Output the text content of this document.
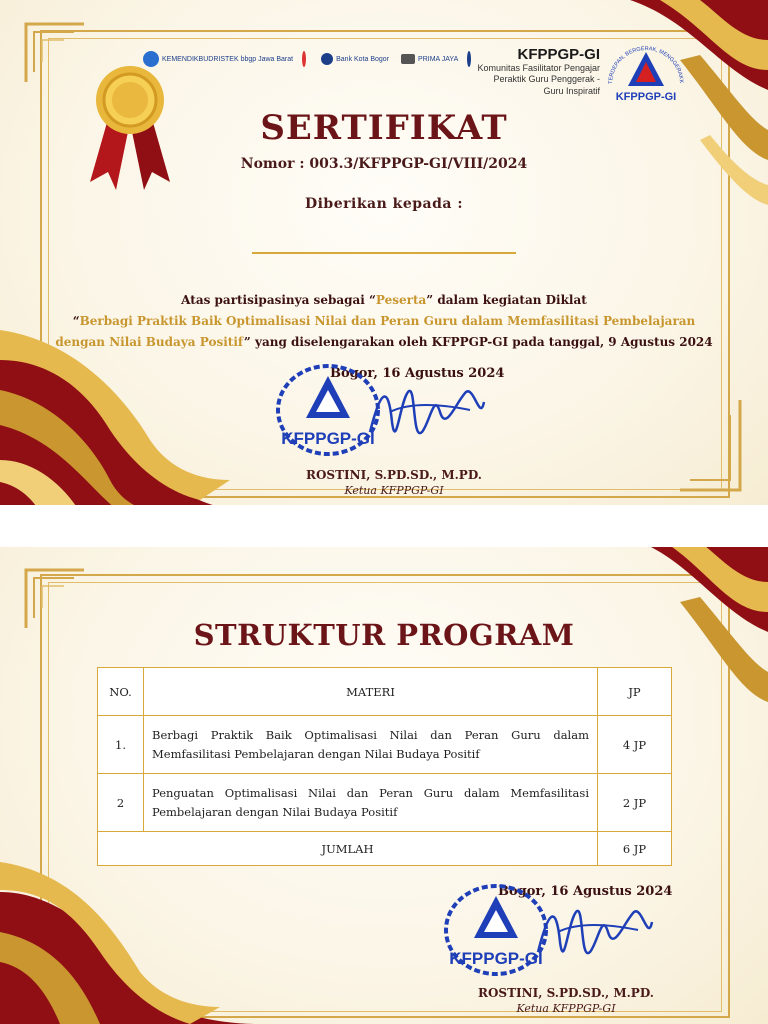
KEMENDIKBUDRISTEK bbgp Jawa Barat	Bank Kota Bogor	PRIMA JAYA	KFPPGP-GI
Komunitas Fasilitator Pengajar
Peraktik Guru Penggerak -
Guru Inspiratif
TERDEPAN, BERGERAK, MENGGERAKK
KFPPGP-GI
SERTIFIKAT
Nomor : 003.3/KFPPGP-GI/VIII/2024
Diberikan kepada :
Atas partisipasinya sebagai “Peserta” dalam kegiatan Diklat
“Berbagi Praktik Baik Optimalisasi Nilai dan Peran Guru dalam Memfasilitasi Pembelajaran dengan Nilai Budaya Positif” yang diselengarakan oleh KFPPGP-GI pada tanggal, 9 Agustus 2024
Bogor, 16 Agustus 2024
KFPPGP-GI
ROSTINI, S.PD.SD., M.PD.
Ketua KFPPGP-GI
STRUKTUR PROGRAM
NO.	MATERI	JP
1.	Berbagi Praktik Baik Optimalisasi Nilai dan Peran Guru dalam Memfasilitasi Pembelajaran dengan Nilai Budaya Positif	4 JP
2	Penguatan Optimalisasi Nilai dan Peran Guru dalam Memfasilitasi Pembelajaran dengan Nilai Budaya Positif	2 JP
JUMLAH		6 JP
Bogor, 16 Agustus 2024
KFPPGP-GI
ROSTINI, S.PD.SD., M.PD.
Ketua KFPPGP-GI
